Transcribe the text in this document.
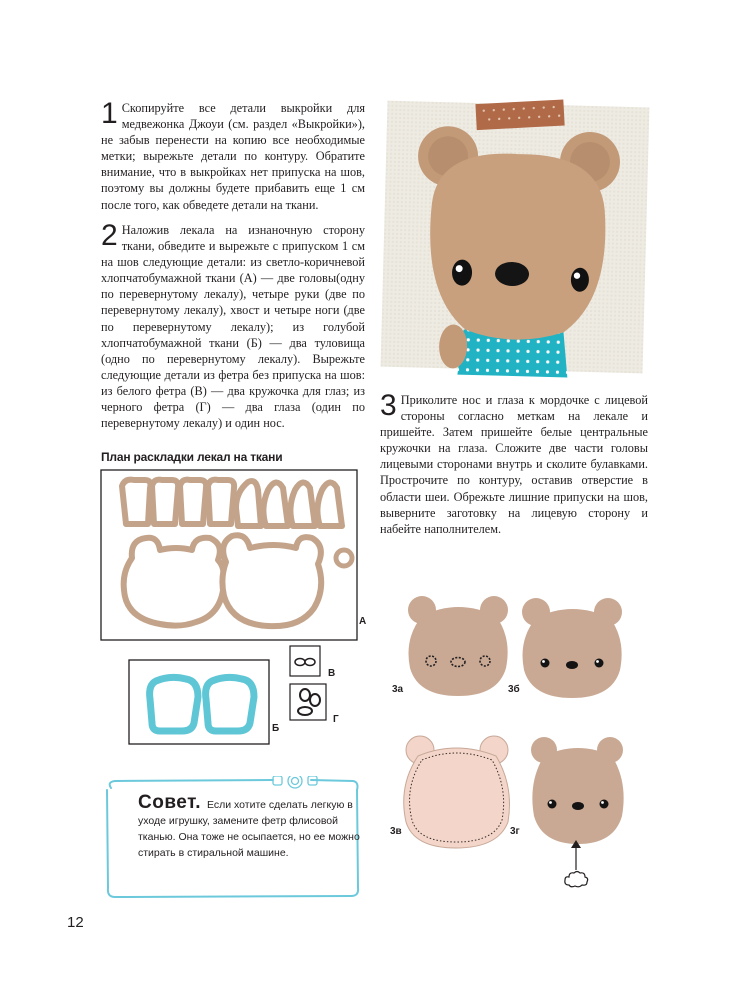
1 Скопируйте все детали выкройки для медвежонка Джоуи (см. раздел «Выкройки»), не забыв перенести на копию все необходимые метки; вырежьте детали по контуру. Обратите внимание, что в выкройках нет припуска на шов, поэтому вы должны будете прибавить еще 1 см после того, как обведете детали на ткани.

2 Наложив лекала на изнаночную сторону ткани, обведите и вырежьте с припуском 1 см на шов следующие детали: из светло-коричневой хлопчатобумажной ткани (А) — две головы(одну по перевернутому лекалу), четыре руки (две по перевернутому лекалу), хвост и четыре ноги (две по перевернутому лекалу); из голубой хлопчатобумажной ткани (Б) — два туловища (одно по перевернутому лекалу). Вырежьте следующие детали из фетра без припуска на шов: из белого фетра (В) — два кружочка для глаз; из черного фетра (Г) — два глаза (один по перевернутому лекалу) и один нос.

3 Приколите нос и глаза к мордочке с лицевой стороны согласно меткам на лекале и пришейте. Затем пришейте белые центральные кружочки на глаза. Сложите две части головы лицевыми сторонами внутрь и сколите булавками. Прострочите по контуру, оставив отверстие в области шеи. Обрежьте лишние припуски на шов, выверните заготовку на лицевую сторону и набейте наполнителем.

План раскладки лекал на ткани
А
Б
В
Г
3а	3б
3в	3г
Совет. Если хотите сделать легкую в уходе игрушку, замените фетр флисовой тканью. Она тоже не осыпается, но ее можно стирать в стиральной машине.
12
